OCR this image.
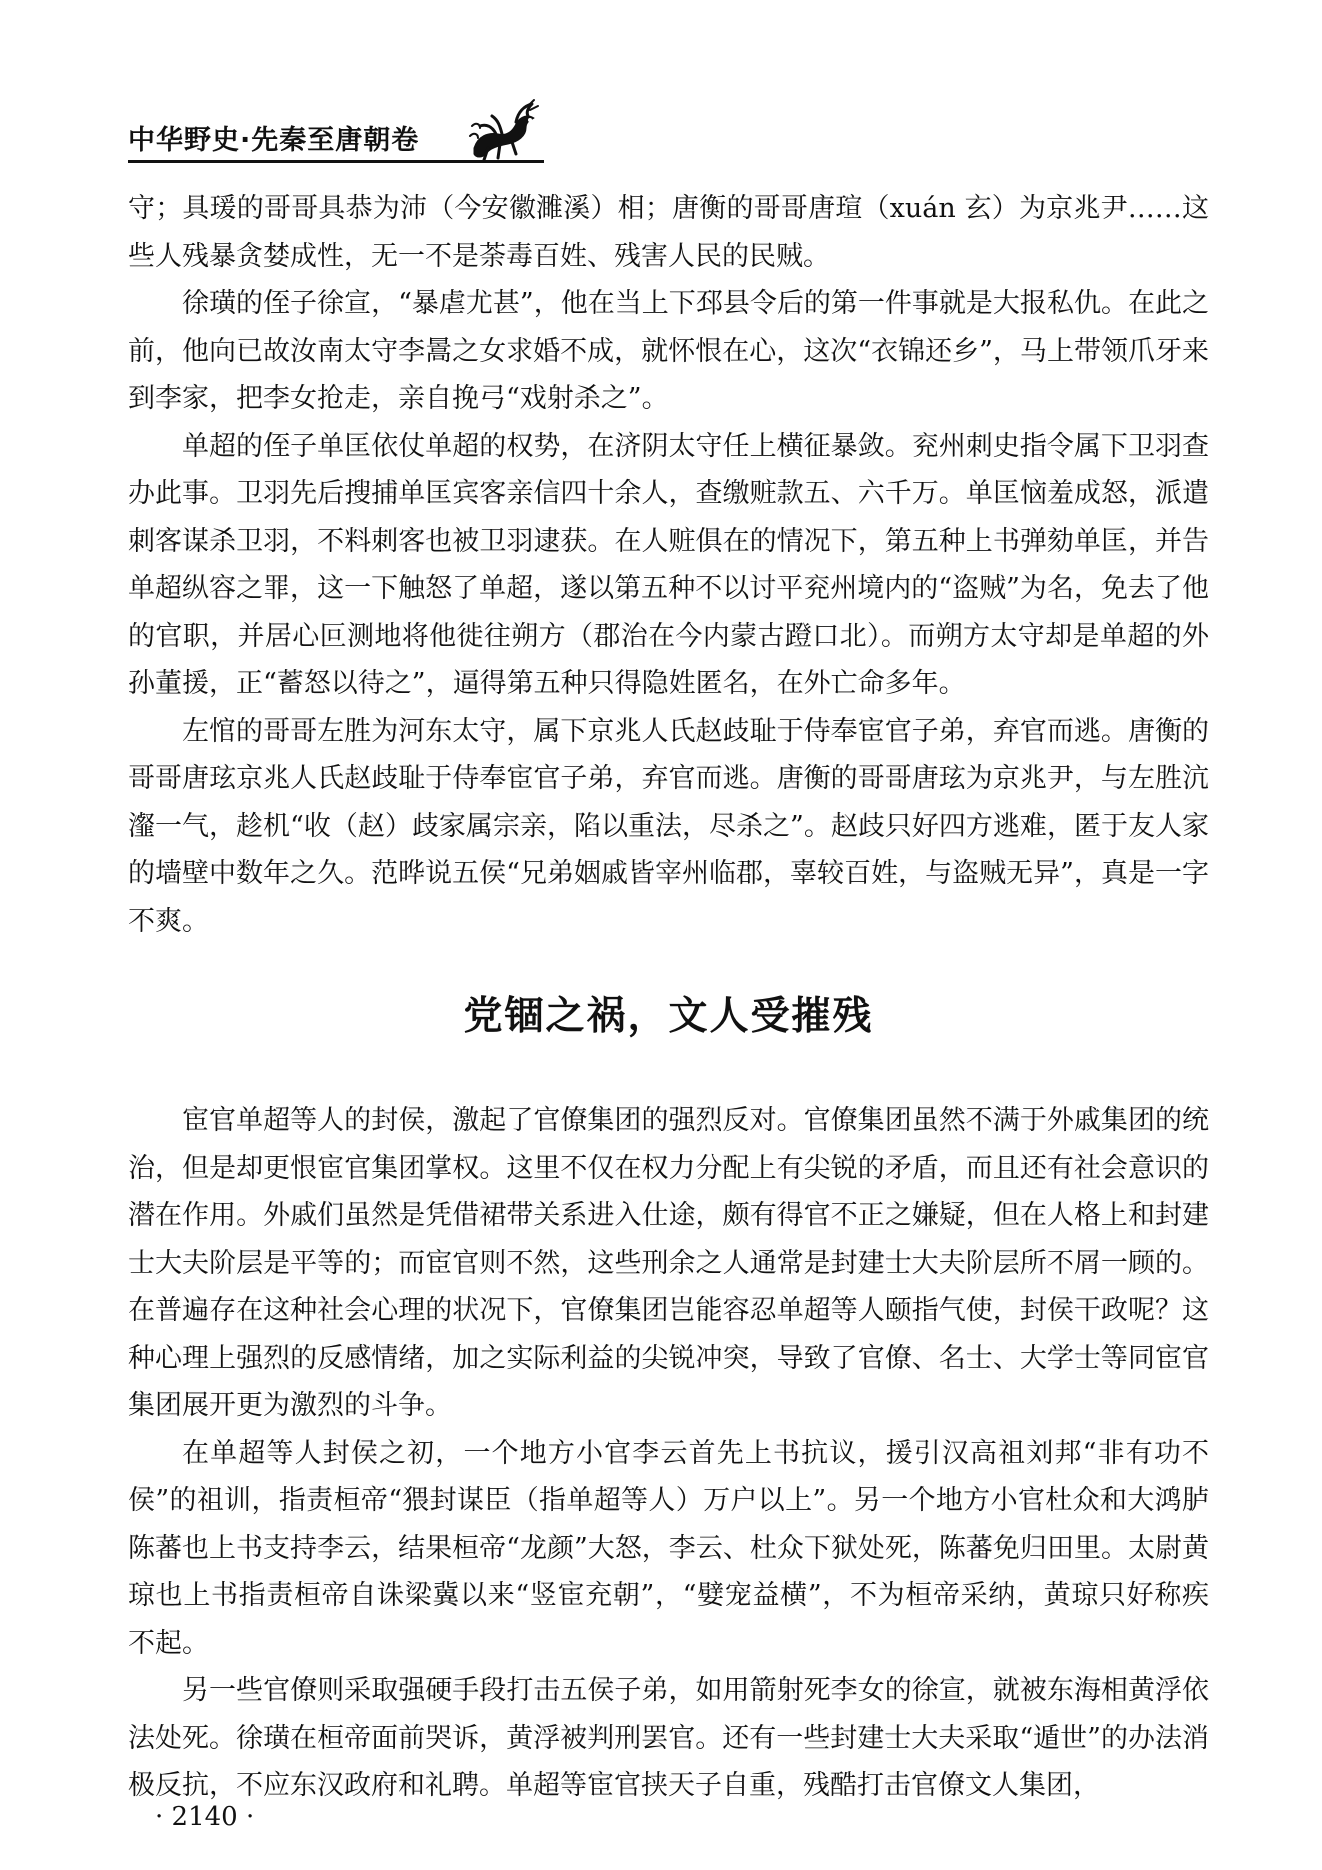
中华野史·先秦至唐朝卷

守；具瑗的哥哥具恭为沛（今安徽濉溪）相；唐衡的哥哥唐瑄（xuán 玄）为京兆尹……这些人残暴贪婪成性，无一不是荼毒百姓、残害人民的民贼。

徐璜的侄子徐宣，“暴虐尤甚”，他在当上下邳县令后的第一件事就是大报私仇。在此之前，他向已故汝南太守李暠之女求婚不成，就怀恨在心，这次“衣锦还乡”，马上带领爪牙来到李家，把李女抢走，亲自挽弓“戏射杀之”。

单超的侄子单匡依仗单超的权势，在济阴太守任上横征暴敛。兖州刺史指令属下卫羽查办此事。卫羽先后搜捕单匡宾客亲信四十余人，查缴赃款五、六千万。单匡恼羞成怒，派遣刺客谋杀卫羽，不料刺客也被卫羽逮获。在人赃俱在的情况下，第五种上书弹劾单匡，并告单超纵容之罪，这一下触怒了单超，遂以第五种不以讨平兖州境内的“盗贼”为名，免去了他的官职，并居心叵测地将他徙往朔方（郡治在今内蒙古蹬口北）。而朔方太守却是单超的外孙董援，正“蓄怒以待之”，逼得第五种只得隐姓匿名，在外亡命多年。

左悺的哥哥左胜为河东太守，属下京兆人氏赵歧耻于侍奉宦官子弟，弃官而逃。唐衡的哥哥唐玹京兆人氏赵歧耻于侍奉宦官子弟，弃官而逃。唐衡的哥哥唐玹为京兆尹，与左胜沆瀣一气，趁机“收（赵）歧家属宗亲，陷以重法，尽杀之”。赵歧只好四方逃难，匿于友人家的墙壁中数年之久。范晔说五侯“兄弟姻戚皆宰州临郡，辜较百姓，与盗贼无异”，真是一字不爽。

党锢之祸，文人受摧残

宦官单超等人的封侯，激起了官僚集团的强烈反对。官僚集团虽然不满于外戚集团的统治，但是却更恨宦官集团掌权。这里不仅在权力分配上有尖锐的矛盾，而且还有社会意识的潜在作用。外戚们虽然是凭借裙带关系进入仕途，颇有得官不正之嫌疑，但在人格上和封建士大夫阶层是平等的；而宦官则不然，这些刑余之人通常是封建士大夫阶层所不屑一顾的。在普遍存在这种社会心理的状况下，官僚集团岂能容忍单超等人颐指气使，封侯干政呢？这种心理上强烈的反感情绪，加之实际利益的尖锐冲突，导致了官僚、名士、大学士等同宦官集团展开更为激烈的斗争。

在单超等人封侯之初，一个地方小官李云首先上书抗议，援引汉高祖刘邦“非有功不侯”的祖训，指责桓帝“猥封谋臣（指单超等人）万户以上”。另一个地方小官杜众和大鸿胪陈蕃也上书支持李云，结果桓帝“龙颜”大怒，李云、杜众下狱处死，陈蕃免归田里。太尉黄琼也上书指责桓帝自诛梁冀以来“竖宦充朝”，“嬖宠益横”，不为桓帝采纳，黄琼只好称疾不起。

另一些官僚则采取强硬手段打击五侯子弟，如用箭射死李女的徐宣，就被东海相黄浮依法处死。徐璜在桓帝面前哭诉，黄浮被判刑罢官。还有一些封建士大夫采取“遁世”的办法消极反抗，不应东汉政府和礼聘。单超等宦官挟天子自重，残酷打击官僚文人集团，

· 2140 ·
